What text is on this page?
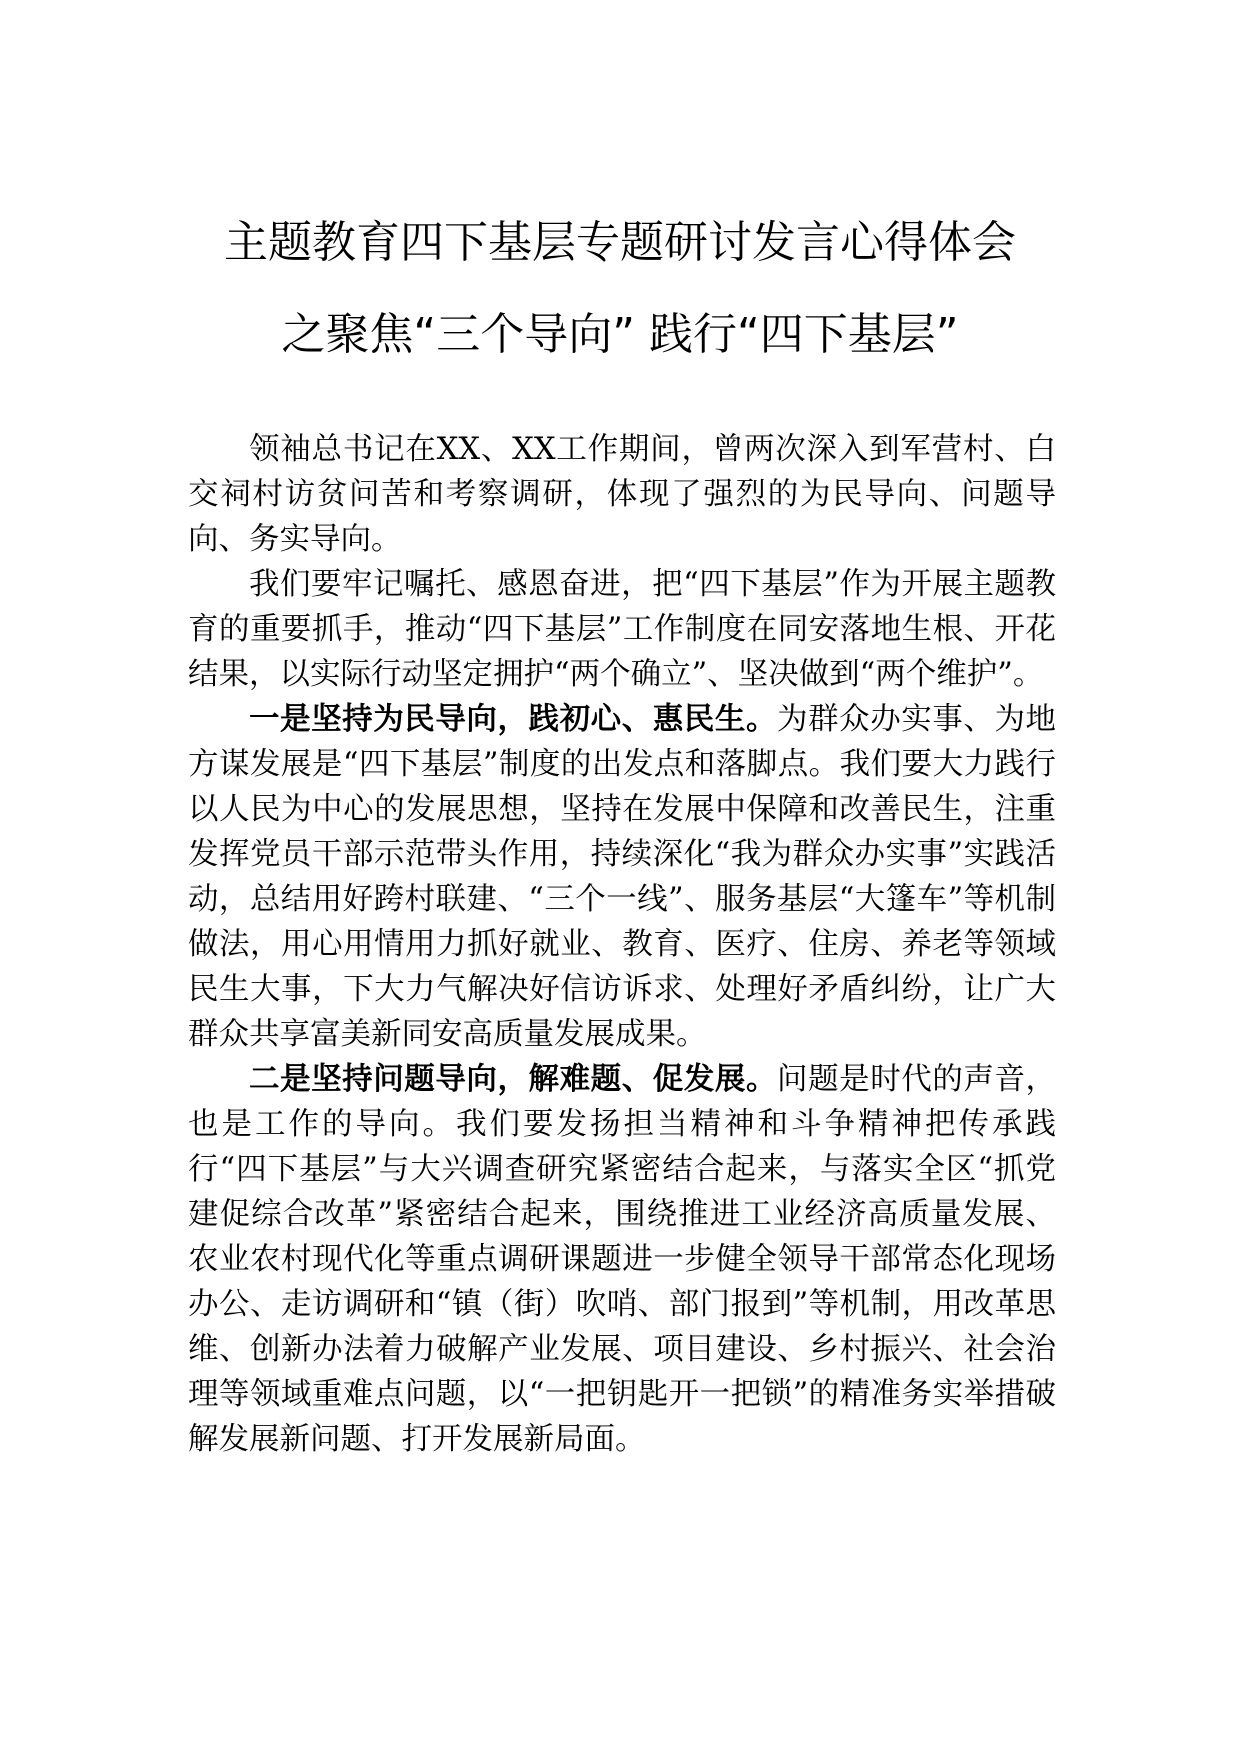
主题教育四下基层专题研讨发言心得体会
之聚焦“三个导向” 践行“四下基层”

领袖总书记在XX、XX工作期间，曾两次深入到军营村、白交祠村访贫问苦和考察调研，体现了强烈的为民导向、问题导向、务实导向。

我们要牢记嘱托、感恩奋进，把“四下基层”作为开展主题教育的重要抓手，推动“四下基层”工作制度在同安落地生根、开花结果，以实际行动坚定拥护“两个确立”、坚决做到“两个维护”。

一是坚持为民导向，践初心、惠民生。为群众办实事、为地方谋发展是“四下基层”制度的出发点和落脚点。我们要大力践行以人民为中心的发展思想，坚持在发展中保障和改善民生，注重发挥党员干部示范带头作用，持续深化“我为群众办实事”实践活动，总结用好跨村联建、“三个一线”、服务基层“大篷车”等机制做法，用心用情用力抓好就业、教育、医疗、住房、养老等领域民生大事，下大力气解决好信访诉求、处理好矛盾纠纷，让广大群众共享富美新同安高质量发展成果。

二是坚持问题导向，解难题、促发展。问题是时代的声音，也是工作的导向。我们要发扬担当精神和斗争精神把传承践行“四下基层”与大兴调查研究紧密结合起来，与落实全区“抓党建促综合改革”紧密结合起来，围绕推进工业经济高质量发展、农业农村现代化等重点调研课题进一步健全领导干部常态化现场办公、走访调研和“镇（街）吹哨、部门报到”等机制，用改革思维、创新办法着力破解产业发展、项目建设、乡村振兴、社会治理等领域重难点问题，以“一把钥匙开一把锁”的精准务实举措破解发展新问题、打开发展新局面。
